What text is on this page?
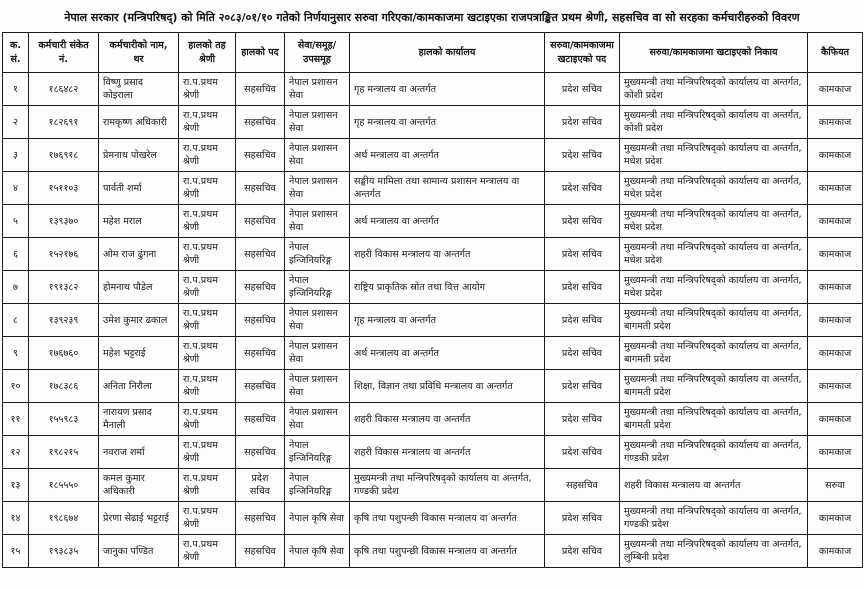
नेपाल सरकार (मन्त्रिपरिषद्) को मिति २०८३/०१/१० गतेको निर्णयानुसार सरुवा गरिएका/कामकाजमा खटाइएका राजपत्राङ्कित प्रथम श्रेणी, सहसचिव वा सो सरहका कर्मचारीहरुको विवरण
क. सं.	कर्मचारी संकेत नं.	कर्मचारीको नाम, थर	हालको तह श्रेणी	हालको पद	सेवा/समूह/ उपसमूह	हालको कार्यालय	सरुवा/कामकाजमा खटाइएको पद	सरुवा/कामकाजमा खटाइएको निकाय	कैफियत
१	१८६४८२	विष्णु प्रसाद कोइराला	रा.प.प्रथम श्रेणी	सहसचिव	नेपाल प्रशासन सेवा	गृह मन्त्रालय वा अन्तर्गत	प्रदेश सचिव	मुख्यमन्त्री तथा मन्त्रिपरिषद्को कार्यालय वा अन्तर्गत, कोशी प्रदेश	कामकाज
२	१८२६९१	रामकृष्ण अधिकारी	रा.प.प्रथम श्रेणी	सहसचिव	नेपाल प्रशासन सेवा	गृह मन्त्रालय वा अन्तर्गत	प्रदेश सचिव	मुख्यमन्त्री तथा मन्त्रिपरिषद्को कार्यालय वा अन्तर्गत, कोशी प्रदेश	कामकाज
३	१७६९१८	प्रेमनाथ पोखरेल	रा.प.प्रथम श्रेणी	सहसचिव	नेपाल प्रशासन सेवा	अर्थ मन्त्रालय वा अन्तर्गत	प्रदेश सचिव	मुख्यमन्त्री तथा मन्त्रिपरिषद्को कार्यालय वा अन्तर्गत, मधेश प्रदेश	कामकाज
४	१५११०३	पार्वती शर्मा	रा.प.प्रथम श्रेणी	सहसचिव	नेपाल प्रशासन सेवा	सङ्घीय मामिला तथा सामान्य प्रशासन मन्त्रालय वा अन्तर्गत	प्रदेश सचिव	मुख्यमन्त्री तथा मन्त्रिपरिषद्को कार्यालय वा अन्तर्गत, मधेश प्रदेश	कामकाज
५	१३९३७०	महेश मराल	रा.प.प्रथम श्रेणी	सहसचिव	नेपाल प्रशासन सेवा	अर्थ मन्त्रालय वा अन्तर्गत	प्रदेश सचिव	मुख्यमन्त्री तथा मन्त्रिपरिषद्को कार्यालय वा अन्तर्गत, मधेश प्रदेश	कामकाज
६	१५२१७६	ओम राज ढुंगना	रा.प.प्रथम श्रेणी	सहसचिव	नेपाल इन्जिनियरिङ्ग	शहरी विकास मन्त्रालय वा अन्तर्गत	प्रदेश सचिव	मुख्यमन्त्री तथा मन्त्रिपरिषद्को कार्यालय वा अन्तर्गत, मधेश प्रदेश	कामकाज
७	१९१३८२	होमनाथ पौडेल	रा.प.प्रथम श्रेणी	सहसचिव	नेपाल इन्जिनियरिङ्ग	राष्ट्रिय प्राकृतिक स्रोत तथा वित्त आयोग	प्रदेश सचिव	मुख्यमन्त्री तथा मन्त्रिपरिषद्को कार्यालय वा अन्तर्गत, मधेश प्रदेश	कामकाज
८	१३९२३९	उमेश कुमार ढकाल	रा.प.प्रथम श्रेणी	सहसचिव	नेपाल प्रशासन सेवा	गृह मन्त्रालय वा अन्तर्गत	प्रदेश सचिव	मुख्यमन्त्री तथा मन्त्रिपरिषद्को कार्यालय वा अन्तर्गत, बागमती प्रदेश	कामकाज
९	१७६७६०	महेश भट्टराई	रा.प.प्रथम श्रेणी	सहसचिव	नेपाल प्रशासन सेवा	अर्थ मन्त्रालय वा अन्तर्गत	प्रदेश सचिव	मुख्यमन्त्री तथा मन्त्रिपरिषद्को कार्यालय वा अन्तर्गत, बागमती प्रदेश	कामकाज
१०	१७८३८६	अनिता निरौला	रा.प.प्रथम श्रेणी	सहसचिव	नेपाल प्रशासन सेवा	शिक्षा, विज्ञान तथा प्रविधि मन्त्रालय वा अन्तर्गत	प्रदेश सचिव	मुख्यमन्त्री तथा मन्त्रिपरिषद्को कार्यालय वा अन्तर्गत, बागमती प्रदेश	कामकाज
११	१५५९८३	नारायण प्रसाद मैनाली	रा.प.प्रथम श्रेणी	सहसचिव	नेपाल प्रशासन सेवा	शहरी विकास मन्त्रालय वा अन्तर्गत	प्रदेश सचिव	मुख्यमन्त्री तथा मन्त्रिपरिषद्को कार्यालय वा अन्तर्गत, बागमती प्रदेश	कामकाज
१२	१९८२१५	नवराज शर्मा	रा.प.प्रथम श्रेणी	सहसचिव	नेपाल इन्जिनियरिङ्ग	शहरी विकास मन्त्रालय वा अन्तर्गत	प्रदेश सचिव	मुख्यमन्त्री तथा मन्त्रिपरिषद्को कार्यालय वा अन्तर्गत, गण्डकी प्रदेश	कामकाज
१३	१८५५५०	कमल कुमार अधिकारी	रा.प.प्रथम श्रेणी	प्रदेश सचिव	नेपाल इन्जिनियरिङ्ग	मुख्यमन्त्री तथा मन्त्रिपरिषद्को कार्यालय वा अन्तर्गत, गण्डकी प्रदेश	सहसचिव	शहरी विकास मन्त्रालय वा अन्तर्गत	सरुवा
१४	१९८६७४	प्रेरणा सेढाई भट्टराई	रा.प.प्रथम श्रेणी	सहसचिव	नेपाल कृषि सेवा	कृषि तथा पशुपन्छी विकास मन्त्रालय वा अन्तर्गत	प्रदेश सचिव	मुख्यमन्त्री तथा मन्त्रिपरिषद्को कार्यालय वा अन्तर्गत, गण्डकी प्रदेश	कामकाज
१५	१९३८३५	जानुका पण्डित	रा.प.प्रथम श्रेणी	सहसचिव	नेपाल कृषि सेवा	कृषि तथा पशुपन्छी विकास मन्त्रालय वा अन्तर्गत	प्रदेश सचिव	मुख्यमन्त्री तथा मन्त्रिपरिषद्को कार्यालय वा अन्तर्गत, लुम्बिनी प्रदेश	कामकाज
